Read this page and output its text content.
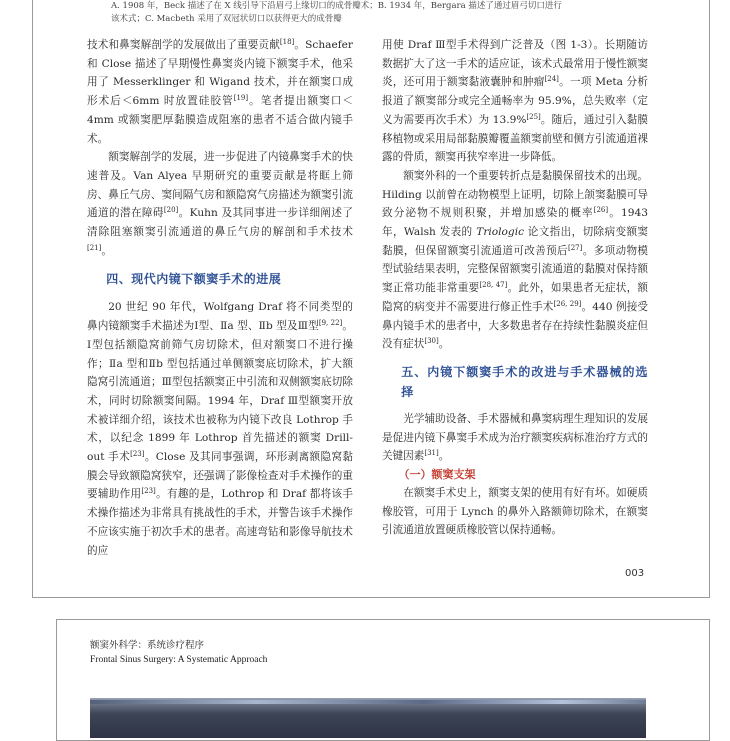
A. 1908 年，Beck 描述了在 X 线引导下沿眉弓上缘切口的成骨瓣术；B. 1934 年，Bergara 描述了通过眉弓切口进行
该术式；C. Macbeth 采用了双冠状切口以获得更大的成骨瓣

技术和鼻窦解剖学的发展做出了重要贡献[18]。Schaefer 和 Close 描述了早期慢性鼻窦炎内镜下额窦手术，他采用了 Messerklinger 和 Wigand 技术，并在额窦口成形术后＜6mm 时放置硅胶管[19]。笔者提出额窦口＜4mm 或额窦肥厚黏膜造成阻塞的患者不适合做内镜手术。

额窦解剖学的发展，进一步促进了内镜鼻窦手术的快速普及。Van Alyea 早期研究的重要贡献是将眶上筛房、鼻丘气房、窦间隔气房和额隐窝气房描述为额窦引流通道的潜在障碍[20]。Kuhn 及其同事进一步详细阐述了清除阻塞额窦引流通道的鼻丘气房的解剖和手术技术[21]。

四、现代内镜下额窦手术的进展

20 世纪 90 年代，Wolfgang Draf 将不同类型的鼻内镜额窦手术描述为Ⅰ型、Ⅱa 型、Ⅱb 型及Ⅲ型[9, 22]。Ⅰ型包括额隐窝前筛气房切除术，但对额窦口不进行操作；Ⅱa 型和Ⅱb 型包括通过单侧额窦底切除术，扩大额隐窝引流通道；Ⅲ型包括额窦正中引流和双侧额窦底切除术，同时切除额窦间隔。1994 年，Draf Ⅲ型额窦开放术被详细介绍，该技术也被称为内镜下改良 Lothrop 手术，以纪念 1899 年 Lothrop 首先描述的额窦 Drill-out 手术[23]。Close 及其同事强调，环形剥离额隐窝黏膜会导致额隐窝狭窄，还强调了影像检查对手术操作的重要辅助作用[23]。有趣的是，Lothrop 和 Draf 都将该手术操作描述为非常具有挑战性的手术，并警告该手术操作不应该实施于初次手术的患者。高速弯钻和影像导航技术的应

用使 Draf Ⅲ型手术得到广泛普及（图 1-3）。长期随访数据扩大了这一手术的适应证，该术式最常用于慢性额窦炎，还可用于额窦黏液囊肿和肿瘤[24]。一项 Meta 分析报道了额窦部分或完全通畅率为 95.9%，总失败率（定义为需要再次手术）为 13.9%[25]。随后，通过引入黏膜移植物或采用局部黏膜瓣覆盖额窦前壁和侧方引流通道裸露的骨质，额窦再狭窄率进一步降低。

额窦外科的一个重要转折点是黏膜保留技术的出现。Hilding 以前曾在动物模型上证明，切除上颌窦黏膜可导致分泌物不规则积聚，并增加感染的概率[26]。1943 年，Walsh 发表的 Triologic 论文指出，切除病变额窦黏膜，但保留额窦引流通道可改善预后[27]。多项动物模型试验结果表明，完整保留额窦引流通道的黏膜对保持额窦正常功能非常重要[28, 47]。此外，如果患者无症状，额隐窝的病变并不需要进行修正性手术[26, 29]。440 例接受鼻内镜手术的患者中，大多数患者存在持续性黏膜炎症但没有症状[30]。

五、内镜下额窦手术的改进与手术器械的选择

光学辅助设备、手术器械和鼻窦病理生理知识的发展是促进内镜下鼻窦手术成为治疗额窦疾病标准治疗方式的关键因素[31]。

（一）额窦支架

在额窦手术史上，额窦支架的使用有好有坏。如硬质橡胶管，可用于 Lynch 的鼻外入路额筛切除术，在额窦引流通道放置硬质橡胶管以保持通畅。

003
额窦外科学：系统诊疗程序
Frontal Sinus Surgery: A Systematic Approach
